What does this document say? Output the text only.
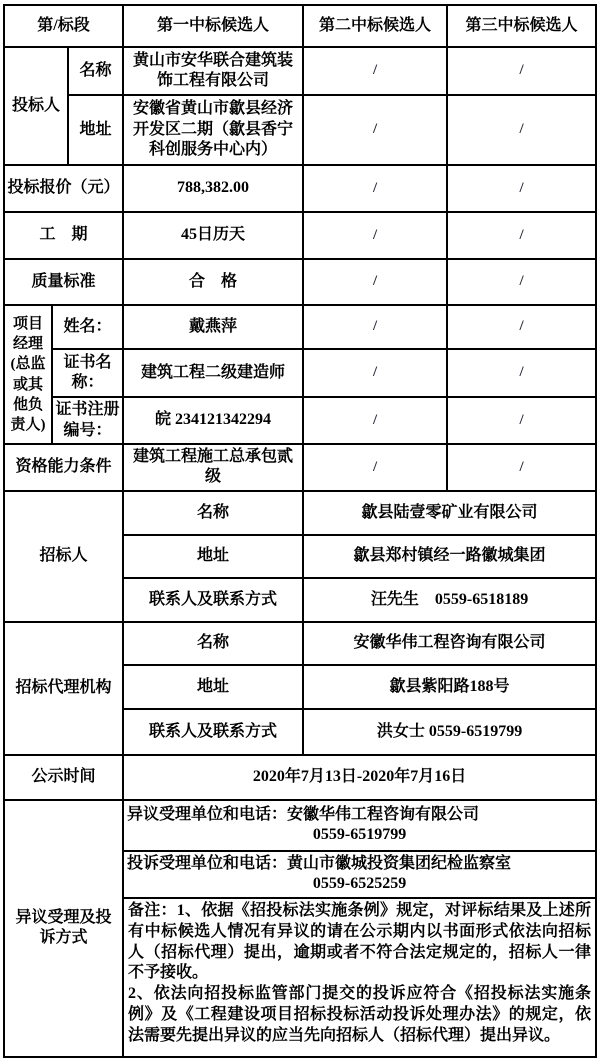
第/标段			第一中标候选人	第二中标候选人	第三中标候选人
投标人		名称	黄山市安华联合建筑装饰工程有限公司	/	/
		地址	安徽省黄山市歙县经济开发区二期（歙县香宁科创服务中心内）	/	/
投标报价（元）			788,382.00	/	/
工　期			45日历天	/	/
质量标准			合　格	/	/
项目经理(总监或其他负责人)	姓名：		戴燕萍	/	/
	证书名称：		建筑工程二级建造师	/	/
	证书注册编号：		皖 234121342294	/	/
资格能力条件			建筑工程施工总承包贰级	/	/
招标人			名称	歙县陆壹零矿业有限公司	
			地址	歙县郑村镇经一路徽城集团	
			联系人及联系方式	汪先生　0559-6518189	
招标代理机构			名称	安徽华伟工程咨询有限公司	
			地址	歙县紫阳路188号	
			联系人及联系方式	洪女士 0559-6519799	
公示时间			2020年7月13日-2020年7月16日		
异议受理及投诉方式			异议受理单位和电话：安徽华伟工程咨询有限公司
0559-6519799		

			投诉受理单位和电话：黄山市徽城投资集团纪检监察室
0559-6525259		

			备注：1、依据《招投标法实施条例》规定，对评标结果及上述所有中标候选人情况有异议的请在公示期内以书面形式依法向招标人（招标代理）提出，逾期或者不符合法定规定的，招标人一律不予接收。
2、依法向招投标监管部门提交的投诉应符合《招投标法实施条例》及《工程建设项目招标投标活动投诉处理办法》的规定，依法需要先提出异议的应当先向招标人（招标代理）提出异议。		
